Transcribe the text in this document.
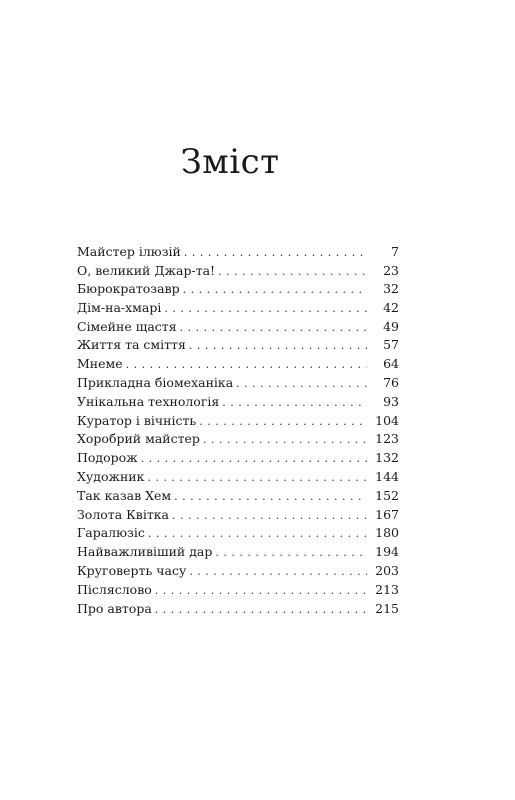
Зміст
Майстер ілюзій . . .	7
О, великий Джар-та! . . .	23
Бюрократозавр . . .	32
Дім-на-хмарі . . .	42
Сімейне щастя . . .	49
Життя та сміття . . .	57
Мнеме . . .	64
Прикладна біомеханіка . . .	76
Унікальна технологія . . .	93
Куратор і вічність . . .	104
Хоробрий майстер . . .	123
Подорож . . .	132
Художник . . .	144
Так казав Хем . . .	152
Золота Квітка . . .	167
Гаралюзіс . . .	180
Найважливіший дар . . .	194
Круговерть часу . . .	203
Післяслово . . .	213
Про автора . . .	215
